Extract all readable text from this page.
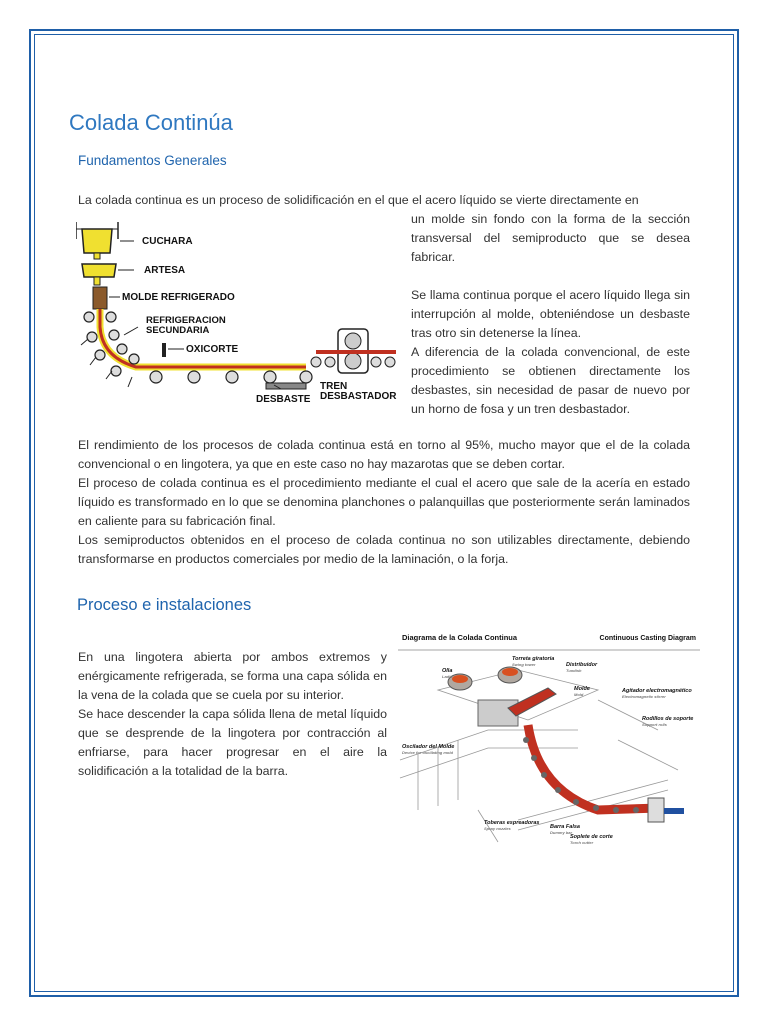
Colada Continúa
Fundamentos Generales

La colada continua es un proceso de solidificación en el que el acero líquido se vierte directamente en

CUCHARA
ARTESA
MOLDE REFRIGERADO
REFRIGERACION
SECUNDARIA
OXICORTE
DESBASTE
TREN
DESBASTADOR

un molde sin fondo con la forma de la sección transversal del semiproducto que se desea fabricar.

Se llama continua porque el acero líquido llega sin interrupción al molde, obteniéndose un desbaste tras otro sin detenerse la línea.

A diferencia de la colada convencional, de este procedimiento se obtienen directamente los desbastes, sin necesidad de pasar de nuevo por un horno de fosa y un tren desbastador.

El rendimiento de los procesos de colada continua está en torno al 95%, mucho mayor que el de la colada convencional o en lingotera, ya que en este caso no hay mazarotas que se deben cortar.

El proceso de colada continua es el procedimiento mediante el cual el acero que sale de la acería en estado líquido es transformado en lo que se denomina planchones o palanquillas que posteriormente serán laminados en caliente para su fabricación final.

Los semiproductos obtenidos en el proceso de colada continua no son utilizables directamente, debiendo transformarse en productos comerciales por medio de la laminación, o la forja.

Proceso e instalaciones

En una lingotera abierta por ambos extremos y enérgicamente refrigerada, se forma una capa sólida en la vena de la colada que se cuela por su interior.

Se hace descender la capa sólida llena de metal líquido que se desprende de la lingotera por contracción al enfriarse, para hacer progresar en el aire la solidificación a la totalidad de la barra.

Diagrama de la Colada Continua	Continuous Casting Diagram
Olla
Ladle
Torreta giratoria
Swing tower	Distribuidor
Tundish
Molde
Mold
Agitador electromagnético
Electromagnetic stirrer
Rodillos de soporte
Support rolls
Oscilador del Molde
Device for oscillating mold
Toberas espreadoras
Spray nozzles	Barra Falsa
Dummy bar
Soplete de corte
Torch cutter
